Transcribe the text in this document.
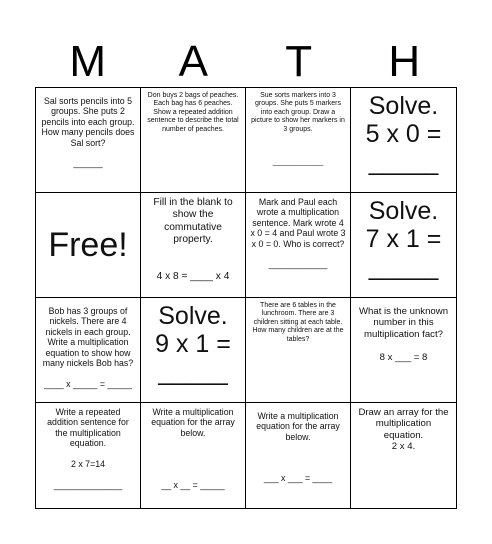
M	A	T	H
Sal sorts pencils into 5 groups. She puts 2 pencils into each group. How many pencils does Sal sort?

______
Don buys 2 bags of peaches. Each bag has 6 peaches. Show a repeated addition sentence to describe the total number of peaches.
Sue sorts markers into 3 groups. She puts 5 markers into each group. Draw a picture to show her markers in 3 groups.

_____________
Solve.
5 x 0 =
_____
Free!
Fill in the blank to show the commutative property.

4 x 8 = ____ x 4
Mark and Paul each wrote a multiplication sentence. Mark wrote 4 x 0 = 4 and Paul wrote 3 x 0 = 0. Who is correct?

____________
Solve.
7 x 1 =
_____
Bob has 3 groups of nickels. There are 4 nickels in each group. Write a multiplication equation to show how many nickels Bob has?

____ x _____ = _____
Solve.
9 x 1 =
_____
There are 6 tables in the lunchroom. There are 3 children sitting at each table. How many children are at the tables?
What is the unknown number in this multiplication fact?

8 x ___ = 8
Write a repeated addition sentence for the multiplication equation.

2 x 7=14

______________
Write a multiplication equation for the array below.

__ x __ = _____
Write a multiplication equation for the array below.

___ x ___ = ____
Draw an array for the multiplication equation.
2 x 4.
